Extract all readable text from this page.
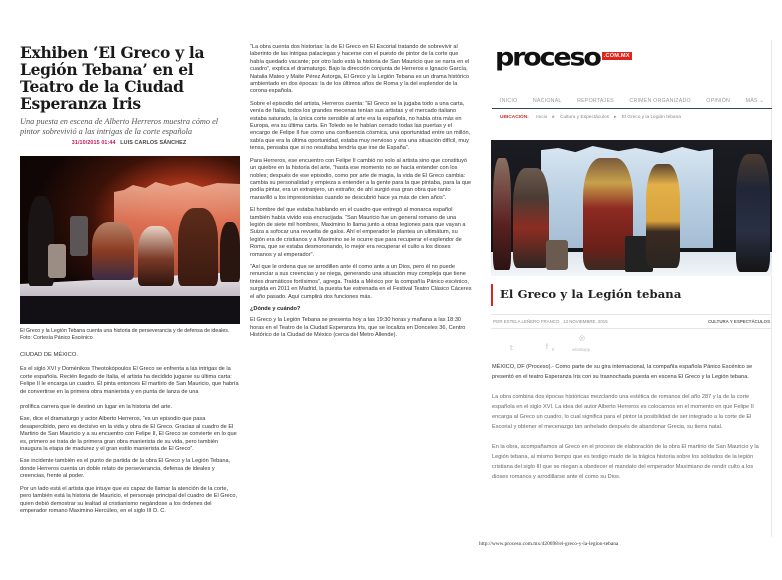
Exhiben ‘El Greco y la Legión Tebana’ en el Teatro de la Ciudad Esperanza Iris
Una puesta en escena de Alberto Herreros muestra cómo el pintor sobrevivió a las intrigas de la corte española
31/10/2015 01:44 LUIS CARLOS SÁNCHEZ
El Greco y la Legión Tebana cuenta una historia de perseverancia y de defensa de ideales. Foto: Cortesía Pánico Escénico

CIUDAD DE MÉXICO.

Es el siglo XVI y Doménikos Theotokópoulos El Greco se enfrenta a las intrigas de la corte española. Recién llegado de Italia, el artista ha decidido jugarse su última carta: Felipe II le encarga un cuadro. Él pinta entonces El martirio de San Mauricio, que habría de convertirse en la primera obra manierista y en punta de lanza de una

prolífica carrera que le destinó un lugar en la historia del arte.

Ese, dice el dramaturgo y actor Alberto Herreros, “es un episodio que pasa desapercibido, pero es decisivo en la vida y obra de El Greco. Gracias al cuadro de El Martirio de San Mauricio y a su encuentro con Felipe II, El Greco se convierte en lo que es, primero se trata de la primera gran obra manierista de su vida, pero también inaugura la etapa de madurez y el gran estilo manierista de El Greco”.

Ese incidente también es el punto de partida de la obra El Greco y la Legión Tebana, donde Herreros cuenta un doble relato de perseverancia, defensa de ideales y creencias, frente al poder.

Por un lado está el artista que intuye que es capaz de llamar la atención de la corte, pero también está la historia de Mauricio, el personaje principal del cuadro de El Greco, quien debió demostrar su lealtad al cristianismo negándose a los órdenes del emperador romano Maximino Hercúleo, en el siglo III D. C.

“La obra cuenta dos historias: la de El Greco en El Escorial tratando de sobrevivir al laberinto de las intrigas palaciegas y hacerse con el puesto de pintor de la corte que había quedado vacante; por otro lado está la historia de San Mauricio que se narra en el cuadro”, explica el dramaturgo. Bajo la dirección conjunta de Herreros e Ignacio García, Natalia Mateo y Maite Pérez Astorga, El Greco y la Legión Tebana es un drama histórico ambientado en dos épocas: la de los últimos años de Roma y la del esplendor de la corona española.

Sobre el episodio del artista, Herreros cuenta: “El Greco se la jugaba todo a una carta, venía de Italia, todos los grandes mecenas tenían sus artistas y el mercado italiano estaba saturado, la única corte sensible al arte era la española, no había otra más en Europa, era su última carta. En Toledo se le habían cerrado todas las puertas y el encargo de Felipe II fue como una confluencia cósmica, una oportunidad entre un millón, sabía que era la última oportunidad, estaba muy nervioso y era una situación difícil, muy tensa, pensaba que si no resultaba tendría que irse de España”.

Para Herreros, ese encuentro con Felipe II cambió no solo al artista sino que constituyó un quiebre en la historia del arte, “hasta ese momento no se hacía entender con los nobles; después de ese episodio, como por arte de magia, la vida de El Greco cambia: cambia su personalidad y empieza a entender a la gente para la que pintaba, para la que podía pintar, era un extranjero, un extraño; de ahí surgió esa gran obra que tanto maravilló a los impresionistas cuando se descubrió hace ya más de cien años”.

El hombre del que estaba hablando en el cuadro que entregó al monarca español también había vivido esa encrucijada. “San Mauricio fue un general romano de una legión de siete mil hombres, Maximino lo llama junto a otras legiones para que vayan a Suiza a sofocar una revuelta de galos. Ahí el emperador le plantea un ultimátum, su legión era de cristianos y a Maximino se le ocurre que para recuperar el esplendor de Roma, que se estaba desmoronando, lo mejor era recuperar el culto a los dioses romanos y al emperador”.

“Así que le ordena que se arrodillen ante él como ante a un Dios, pero él no puede renunciar a sus creencias y se niega, generando una situación muy compleja que tiene tintes dramáticos fortísimos”, agrega. Traída a México por la compañía Pánico escénico, surgida en 2011 en Madrid, la puesta fue estrenada en el Festival Teatro Clásico Cáceres el año pasado. Aquí cumplirá dos funciones más.

¿Dónde y cuándo?

El Greco y la Legión Tebana se presenta hoy a las 19:30 horas y mañana a las 18:30 horas en el Teatro de la Ciudad Esperanza Iris, que se localiza en Donceles 36, Centro Histórico de la Ciudad de México (cerca del Metro Allende).

proceso .COM.MX
INICIO	NACIONAL	REPORTAJES	CRIMEN ORGANIZADO	OPINIÓN	MÁS ⌄
UBICACIÓN: Inicio ► Cultura y Espectáculos ► El Greco y la Legión tebana
El Greco y la Legión tebana
POR ESTELA LEÑERO FRANCO , 13 NOVIEMBRE, 2015	CULTURA Y ESPECTÁCULOS
𝕥	f 0
◎
whatsapp

MÉXICO, DF (Proceso).- Como parte de su gira internacional, la compañía española Pánico Escénico se presentó en el teatro Esperanza Iris con su trasnochada puesta en escena El Greco y la Legión tebana.

La obra combina dos épocas históricas mezclando una estética de romanos del año 287 y la de la corte española en el siglo XVI. La idea del autor Alberto Herreros es colocarnos en el momento en que Felipe II encarga al Greco un cuadro, lo cual significa para el pintor la posibilidad de ser integrado a la corte de El Escorial y obtener el mecenazgo tan anhelado después de abandonar Grecia, su tierra natal.

En la obra, acompañamos al Greco en el proceso de elaboración de la obra El martirio de San Mauricio y la Legión tebana, al mismo tiempo que es testigo mudo de la trágica historia sobre los soldados de la legión cristiana del siglo III que se niegan a obedecer el mandato del emperador Maximiano de rendir culto a los dioses romanos y arrodillarse ante él como su Dios.

http://www.proceso.com.mx/420698/el-greco-y-la-legion-tebana
